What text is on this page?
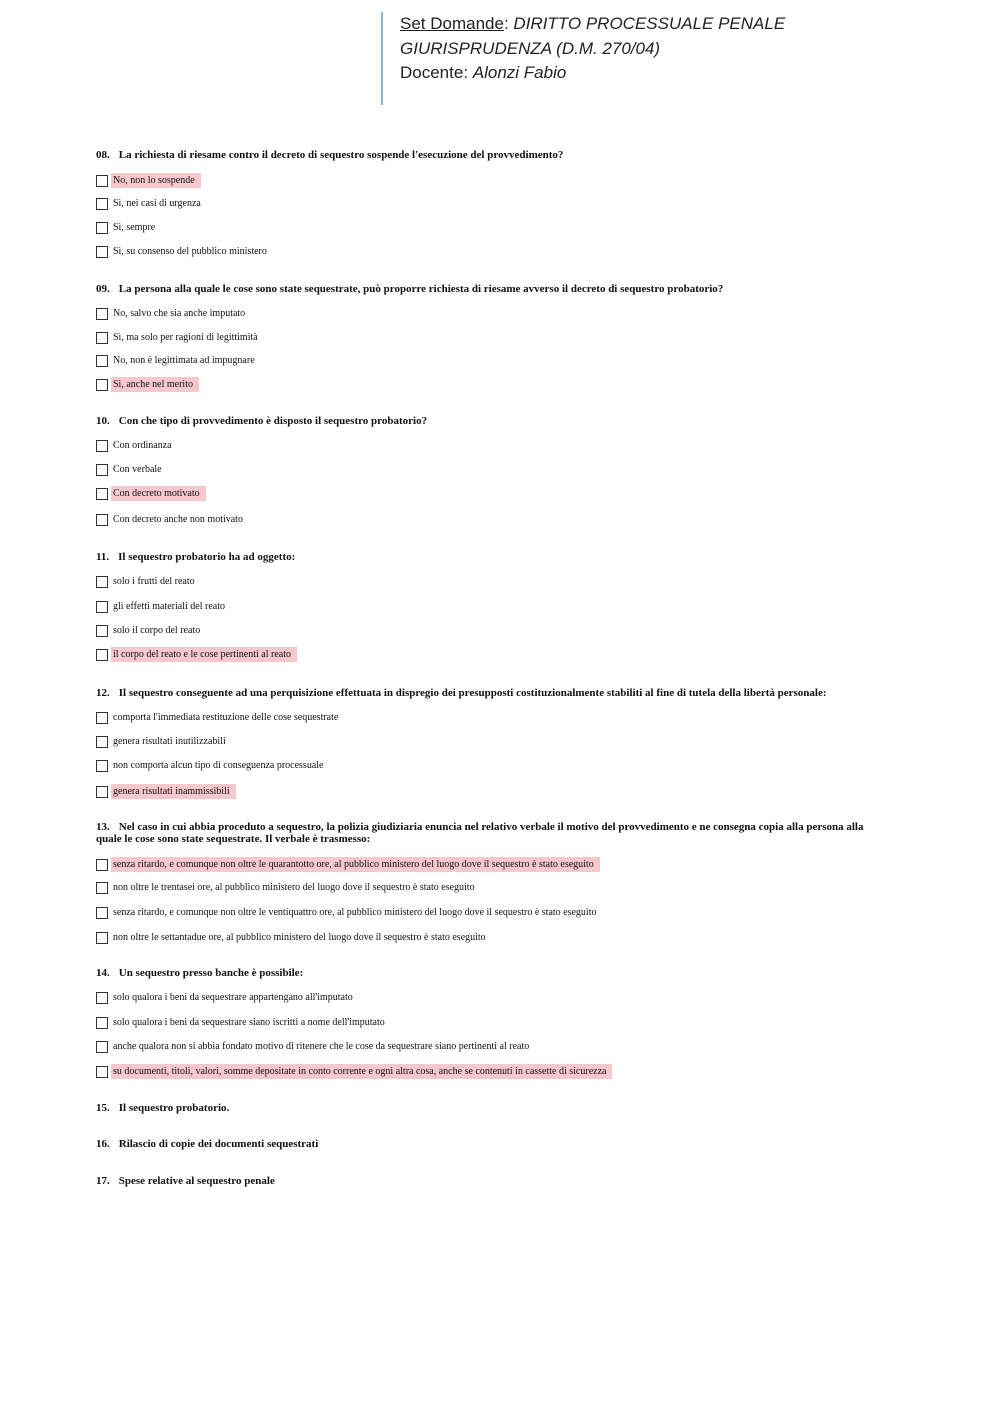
Set Domande: DIRITTO PROCESSUALE PENALE
GIURISPRUDENZA (D.M. 270/04)
Docente: Alonzi Fabio
08. La richiesta di riesame contro il decreto di sequestro sospende l'esecuzione del provvedimento?
No, non lo sospende
Sì, nei casi di urgenza
Sì, sempre
Sì, su consenso del pubblico ministero
09. La persona alla quale le cose sono state sequestrate, può proporre richiesta di riesame avverso il decreto di sequestro probatorio?
No, salvo che sia anche imputato
Sì, ma solo per ragioni di legittimità
No, non è legittimata ad impugnare
Sì, anche nel merito
10. Con che tipo di provvedimento è disposto il sequestro probatorio?
Con ordinanza
Con verbale
Con decreto motivato
Con decreto anche non motivato
11. Il sequestro probatorio ha ad oggetto:
solo i frutti del reato
gli effetti materiali del reato
solo il corpo del reato
il corpo del reato e le cose pertinenti al reato
12. Il sequestro conseguente ad una perquisizione effettuata in dispregio dei presupposti costituzionalmente stabiliti al fine di tutela della libertà personale:
comporta l'immediata restituzione delle cose sequestrate
genera risultati inutilizzabili
non comporta alcun tipo di conseguenza processuale
genera risultati inammissibili
13. Nel caso in cui abbia proceduto a sequestro, la polizia giudiziaria enuncia nel relativo verbale il motivo del provvedimento e ne consegna copia alla persona alla quale le cose sono state sequestrate. Il verbale è trasmesso:
senza ritardo, e comunque non oltre le quarantotto ore, al pubblico ministero del luogo dove il sequestro è stato eseguito
non oltre le trentasei ore, al pubblico ministero del luogo dove il sequestro è stato eseguito
senza ritardo, e comunque non oltre le ventiquattro ore, al pubblico ministero del luogo dove il sequestro è stato eseguito
non oltre le settantadue ore, al pubblico ministero del luogo dove il sequestro è stato eseguito
14. Un sequestro presso banche è possibile:
solo qualora i beni da sequestrare appartengano all'imputato
solo qualora i beni da sequestrare siano iscritti a nome dell'imputato
anche qualora non si abbia fondato motivo di ritenere che le cose da sequestrare siano pertinenti al reato
su documenti, titoli, valori, somme depositate in conto corrente e ogni altra cosa, anche se contenuti in cassette di sicurezza
15. Il sequestro probatorio.
16. Rilascio di copie dei documenti sequestrati
17. Spese relative al sequestro penale
